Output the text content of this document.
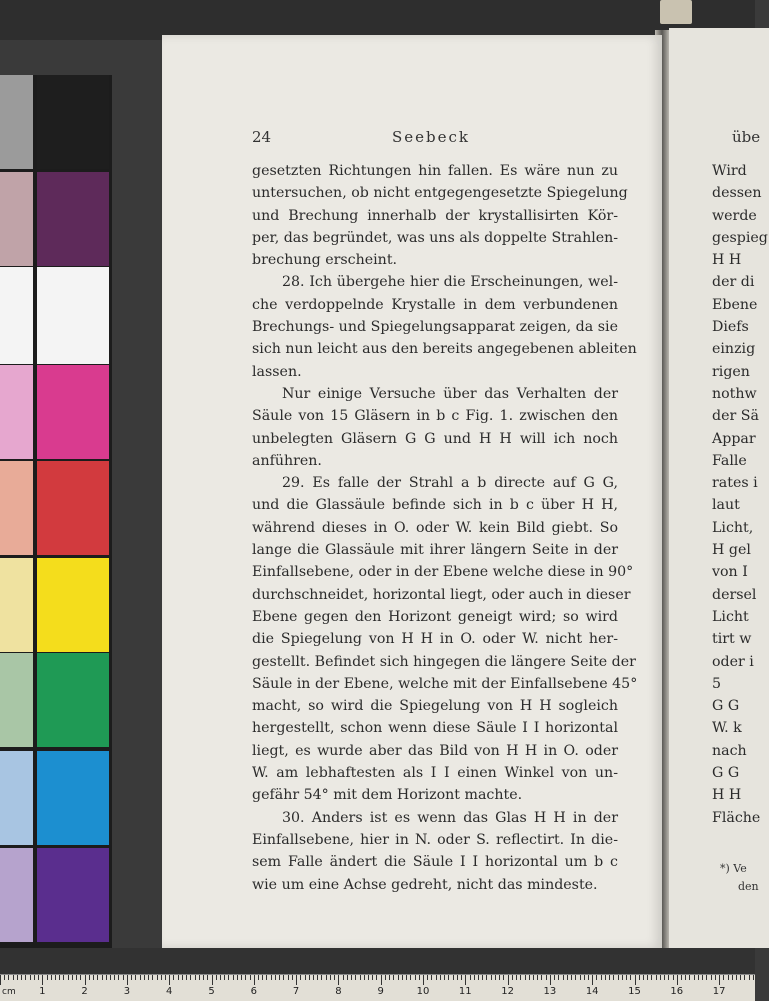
24	Seebeck	übe
gesetzten Richtungen hin fallen. Es wäre nun zu
untersuchen, ob nicht entgegengesetzte Spiegelung
und Brechung innerhalb der krystallisirten Kör-
per, das begründet, was uns als doppelte Strahlen-
brechung erscheint.
28. Ich übergehe hier die Erscheinungen, wel-
che verdoppelnde Krystalle in dem verbundenen
Brechungs- und Spiegelungsapparat zeigen, da sie
sich nun leicht aus den bereits angegebenen ableiten
lassen.
Nur einige Versuche über das Verhalten der
Säule von 15 Gläsern in b c Fig. 1. zwischen den
unbelegten Gläsern G G und H H will ich noch
anführen.
29. Es falle der Strahl a b directe auf G G,
und die Glassäule befinde sich in b c über H H,
während dieses in O. oder W. kein Bild giebt. So
lange die Glassäule mit ihrer längern Seite in der
Einfallsebene, oder in der Ebene welche diese in 90°
durchschneidet, horizontal liegt, oder auch in dieser
Ebene gegen den Horizont geneigt wird; so wird
die Spiegelung von H H in O. oder W. nicht her-
gestellt. Befindet sich hingegen die längere Seite der
Säule in der Ebene, welche mit der Einfallsebene 45°
macht, so wird die Spiegelung von H H sogleich
hergestellt, schon wenn diese Säule I I horizontal
liegt, es wurde aber das Bild von H H in O. oder
W. am lebhaftesten als I I einen Winkel von un-
gefähr 54° mit dem Horizont machte.
30. Anders ist es wenn das Glas H H in der
Einfallsebene, hier in N. oder S. reflectirt. In die-
sem Falle ändert die Säule I I horizontal um b c
wie um eine Achse gedreht, nicht das mindeste.
Wird
dessen
werde
gespieg
H H
der di
Ebene
Diefs
einzig
rigen
nothw
der Sä
Appar
Falle
rates i
laut
Licht,
H gel
von I
dersel
Licht
tirt w
oder i
5
G G
W. k
nach
G G
H H
Fläche
*) Ve
den
cm 1	2	3	4	5	6	7	8	9	10	11	12	13	14	15	16	17
